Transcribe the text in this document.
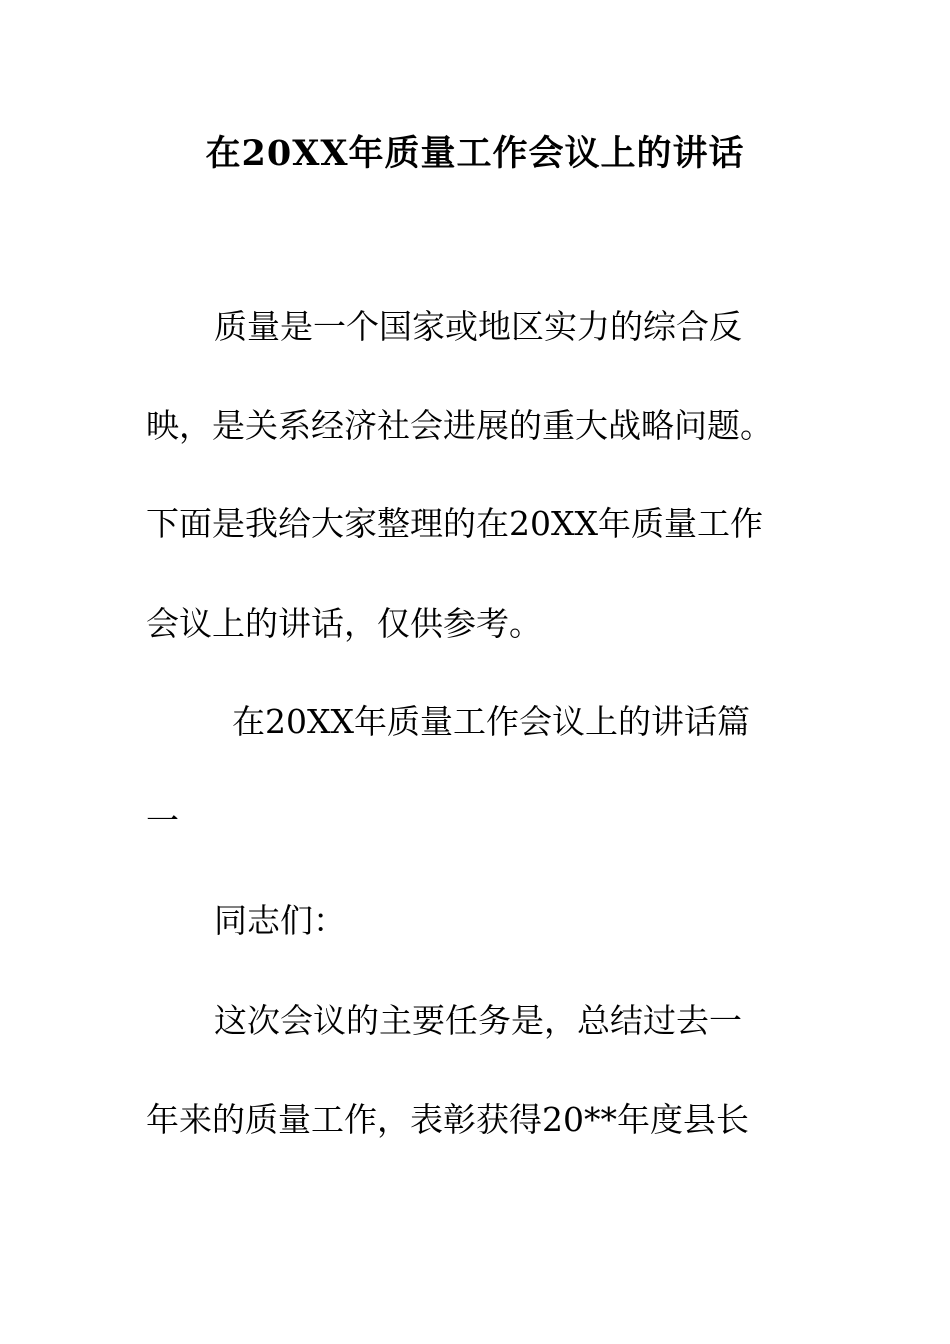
在20XX年质量工作会议上的讲话
质量是一个国家或地区实力的综合反
映，是关系经济社会进展的重大战略问题。
下面是我给大家整理的在20XX年质量工作
会议上的讲话，仅供参考。
在20XX年质量工作会议上的讲话篇
一
同志们：
这次会议的主要任务是，总结过去一
年来的质量工作，表彰获得20**年度县长
